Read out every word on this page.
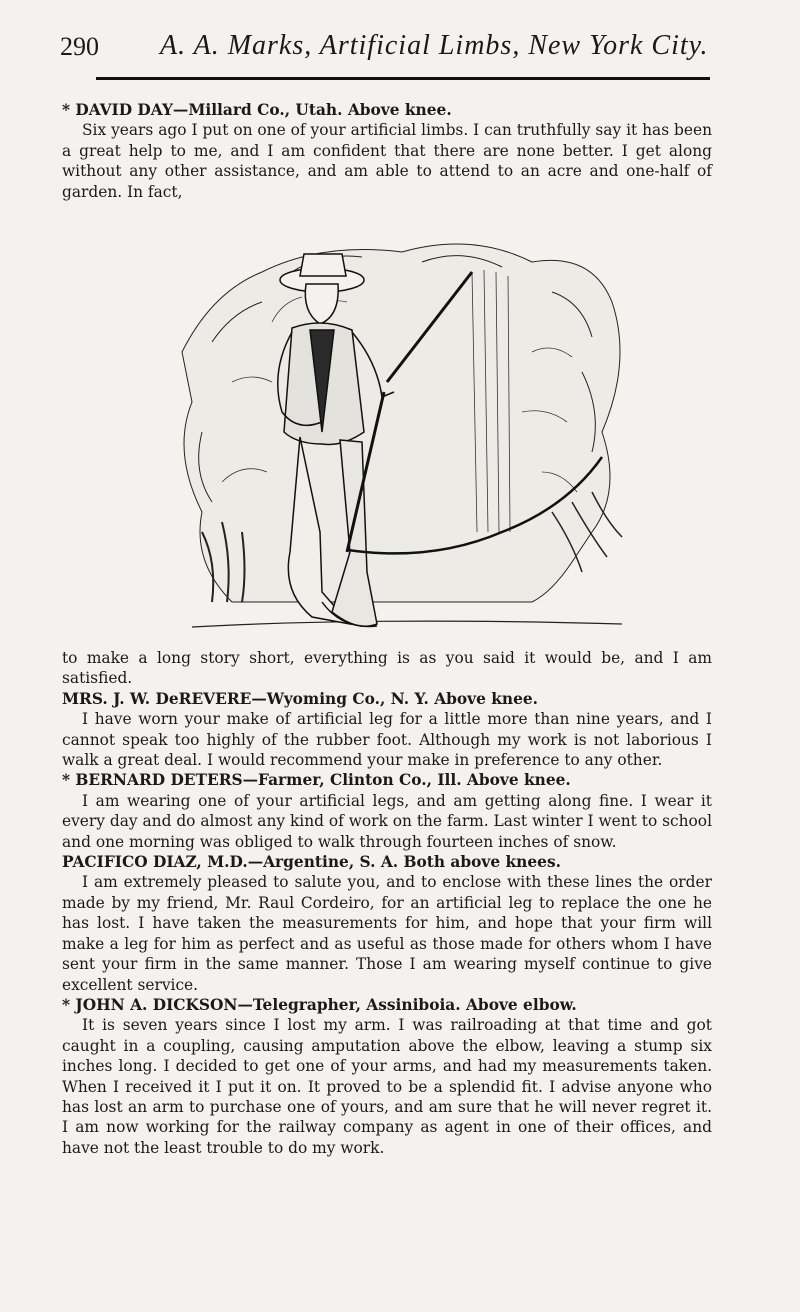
290 A. A. Marks, Artificial Limbs, New York City.

* DAVID DAY—Millard Co., Utah. Above knee.

Six years ago I put on one of your artificial limbs. I can truthfully say it has been a great help to me, and I am confident that there are none better. I get along without any other assistance, and am able to attend to an acre and one-half of garden. In fact,

to make a long story short, everything is as you said it would be, and I am satisfied.

MRS. J. W. DeREVERE—Wyoming Co., N. Y. Above knee.

I have worn your make of artificial leg for a little more than nine years, and I cannot speak too highly of the rubber foot. Although my work is not laborious I walk a great deal. I would recommend your make in preference to any other.

* BERNARD DETERS—Farmer, Clinton Co., Ill. Above knee.

I am wearing one of your artificial legs, and am getting along fine. I wear it every day and do almost any kind of work on the farm. Last winter I went to school and one morning was obliged to walk through fourteen inches of snow.

PACIFICO DIAZ, M.D.—Argentine, S. A. Both above knees.

I am extremely pleased to salute you, and to enclose with these lines the order made by my friend, Mr. Raul Cordeiro, for an artificial leg to replace the one he has lost. I have taken the measurements for him, and hope that your firm will make a leg for him as perfect and as useful as those made for others whom I have sent your firm in the same manner. Those I am wearing myself continue to give excellent service.

* JOHN A. DICKSON—Telegrapher, Assiniboia. Above elbow.

It is seven years since I lost my arm. I was railroading at that time and got caught in a coupling, causing amputation above the elbow, leaving a stump six inches long. I decided to get one of your arms, and had my measurements taken. When I received it I put it on. It proved to be a splendid fit. I advise anyone who has lost an arm to purchase one of yours, and am sure that he will never regret it. I am now working for the railway company as agent in one of their offices, and have not the least trouble to do my work.
